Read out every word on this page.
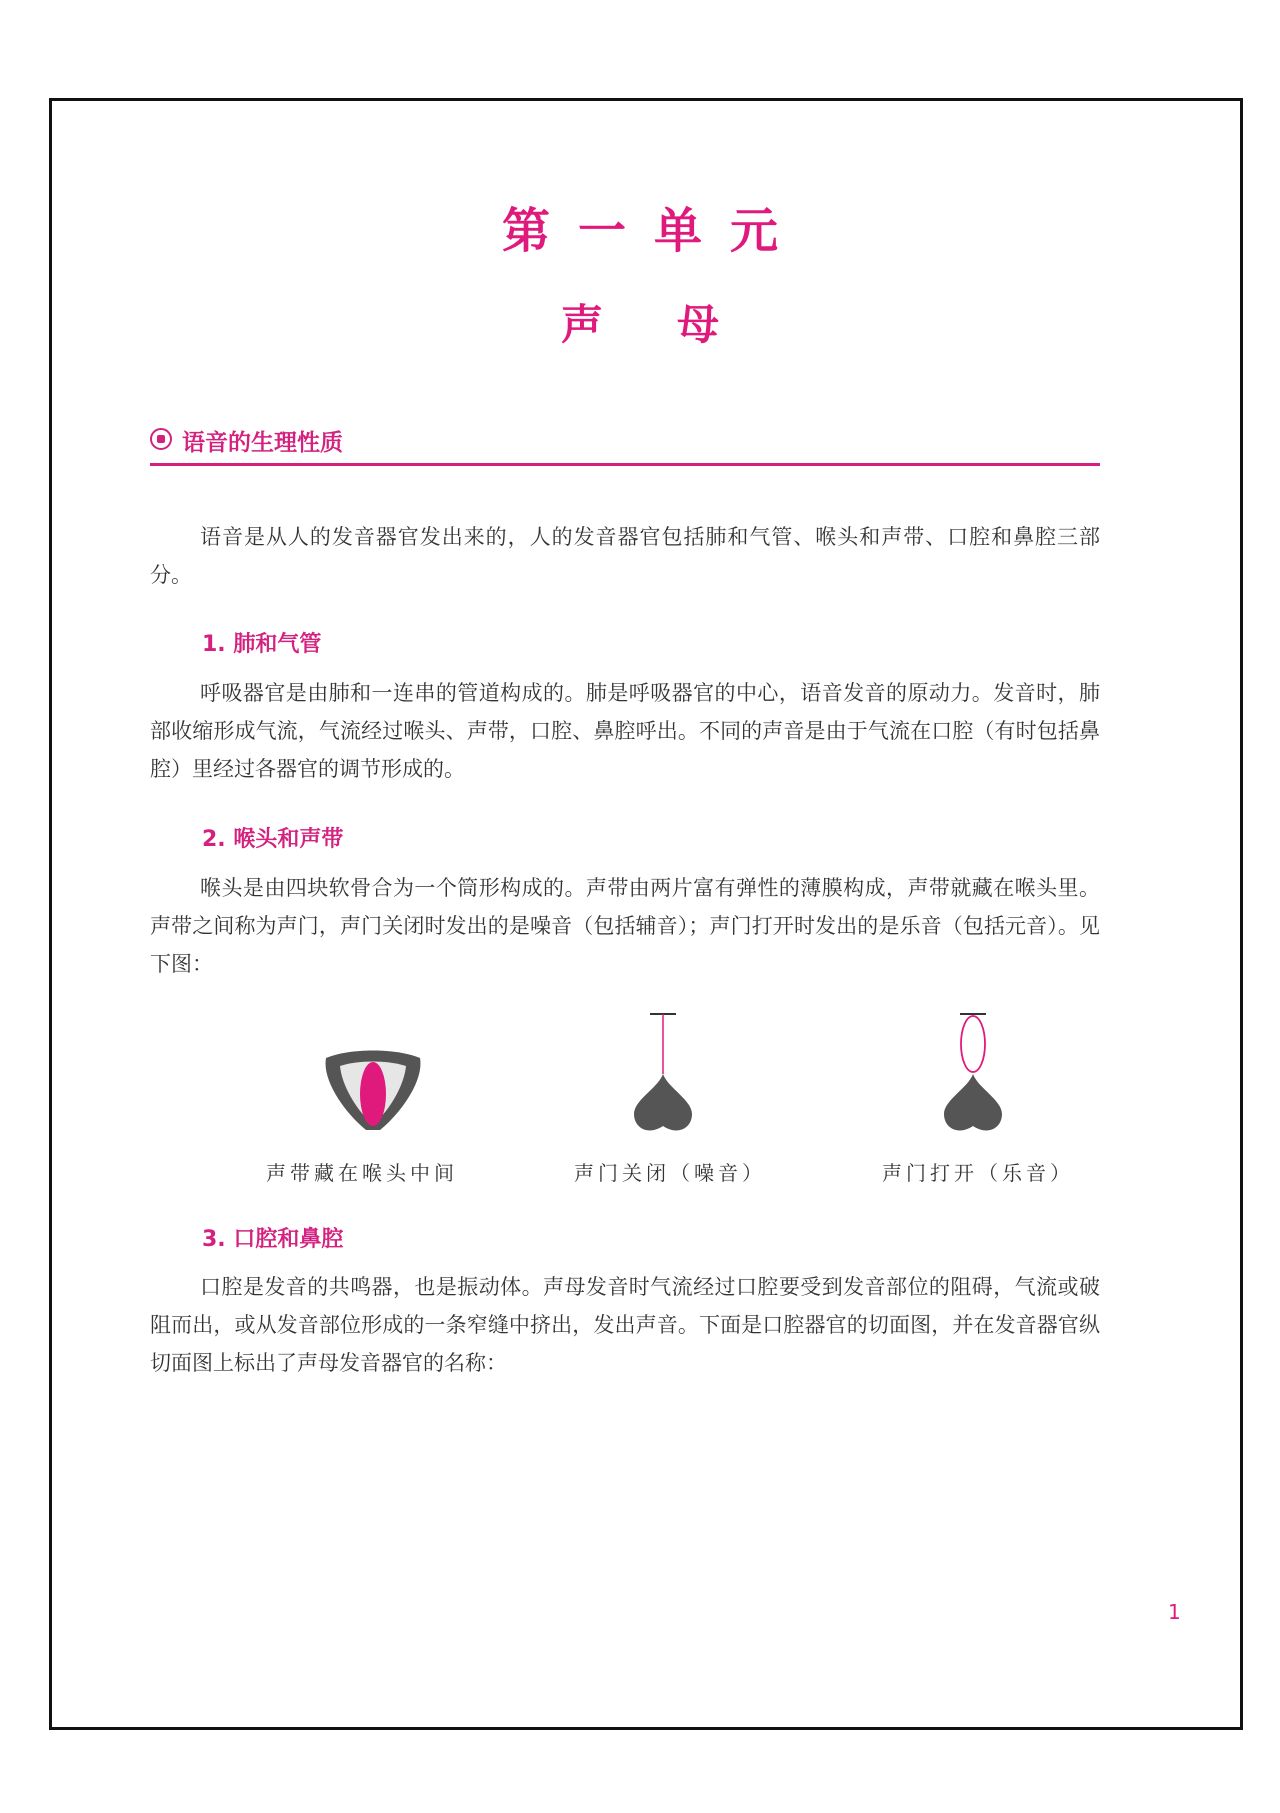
第一单元
声母
语音的生理性质

语音是从人的发音器官发出来的，人的发音器官包括肺和气管、喉头和声带、口腔和鼻腔三部分。

1. 肺和气管

呼吸器官是由肺和一连串的管道构成的。肺是呼吸器官的中心，语音发音的原动力。发音时，肺部收缩形成气流，气流经过喉头、声带，口腔、鼻腔呼出。不同的声音是由于气流在口腔（有时包括鼻腔）里经过各器官的调节形成的。

2. 喉头和声带

喉头是由四块软骨合为一个筒形构成的。声带由两片富有弹性的薄膜构成，声带就藏在喉头里。声带之间称为声门，声门关闭时发出的是噪音（包括辅音）；声门打开时发出的是乐音（包括元音）。见下图：

声带藏在喉头中间	声门关闭（噪音）	声门打开（乐音）
3. 口腔和鼻腔

口腔是发音的共鸣器，也是振动体。声母发音时气流经过口腔要受到发音部位的阻碍，气流或破阻而出，或从发音部位形成的一条窄缝中挤出，发出声音。下面是口腔器官的切面图，并在发音器官纵切面图上标出了声母发音器官的名称：

1
